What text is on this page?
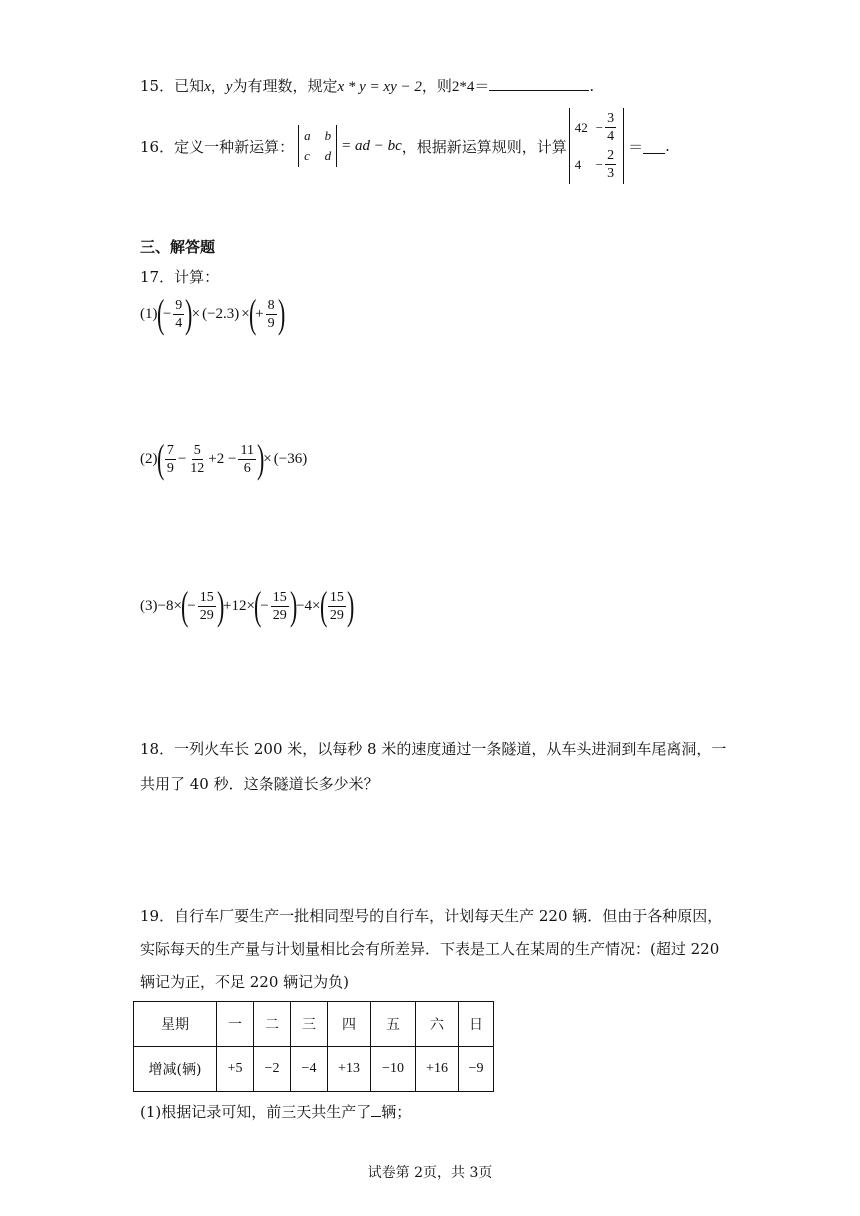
15．已知x，y为有理数，规定x * y = xy − 2，则2*4＝	.
16． 定义一种新运算：
a b
c d
= ad − bc ，根据新运算规则，计算
$42 - \frac{3}{4}$
4	− $\frac{2}{3}$
＝ .
三、解答题
17．计算：
(1)
(
− $\frac{9}{4}$ )
× (−2.3) ×
(
+ $\frac{8}{9}$ )
(2)
( $\frac{7}{9} - \frac{5}{12} +2 - \frac{11}{6}$ )
× (−36)
(3) −8×
(
− $\frac{15}{29}$ )
+12×
(
− $\frac{15}{29}$ )
−4×
( $\frac{15}{29}$ )
18．一列火车长 200 米，以每秒 8 米的速度通过一条隧道，从车头进洞到车尾离洞，一
共用了 40 秒．这条隧道长多少米？
19．自行车厂要生产一批相同型号的自行车，计划每天生产 220 辆．但由于各种原因，
实际每天的生产量与计划量相比会有所差异．下表是工人在某周的生产情况：(超过 220
辆记为正，不足 220 辆记为负)
星期	一	二	三	四	五	六	日
增减(辆)	+5	−2	−4	+13	−10	+16	−9
(1)根据记录可知，前三天共生产了 辆；
试卷第 2页，共 3页
